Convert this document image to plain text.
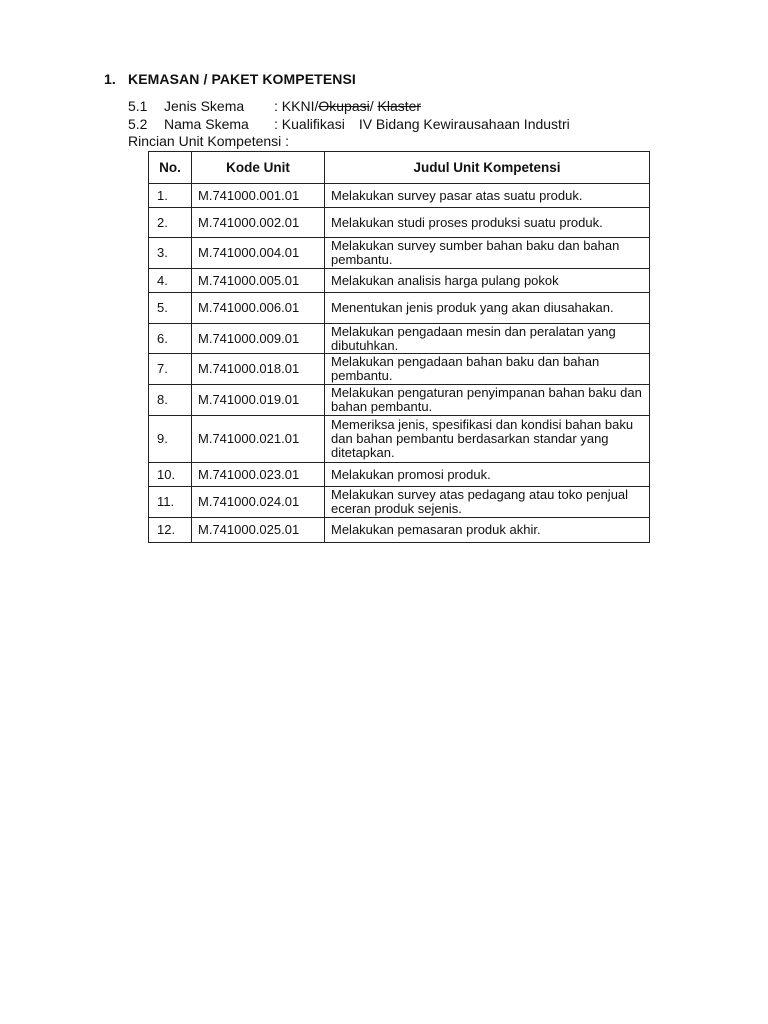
1. KEMASAN / PAKET KOMPETENSI
5.1 Jenis Skema : KKNI/Okupasi/ Klaster
5.2 Nama Skema : Kualifikasi IV Bidang Kewirausahaan Industri
Rincian Unit Kompetensi :
No.	Kode Unit	Judul Unit Kompetensi
1.	M.741000.001.01	Melakukan survey pasar atas suatu produk.
2.	M.741000.002.01	Melakukan studi proses produksi suatu produk.
3.	M.741000.004.01	Melakukan survey sumber bahan baku dan bahan pembantu.
4.	M.741000.005.01	Melakukan analisis harga pulang pokok
5.	M.741000.006.01	Menentukan jenis produk yang akan diusahakan.
6.	M.741000.009.01	Melakukan pengadaan mesin dan peralatan yang dibutuhkan.
7.	M.741000.018.01	Melakukan pengadaan bahan baku dan bahan pembantu.
8.	M.741000.019.01	Melakukan pengaturan penyimpanan bahan baku dan bahan pembantu.
9.	M.741000.021.01	Memeriksa jenis, spesifikasi dan kondisi bahan baku dan bahan pembantu berdasarkan standar yang ditetapkan.
10.	M.741000.023.01	Melakukan promosi produk.
11.	M.741000.024.01	Melakukan survey atas pedagang atau toko penjual eceran produk sejenis.
12.	M.741000.025.01	Melakukan pemasaran produk akhir.
